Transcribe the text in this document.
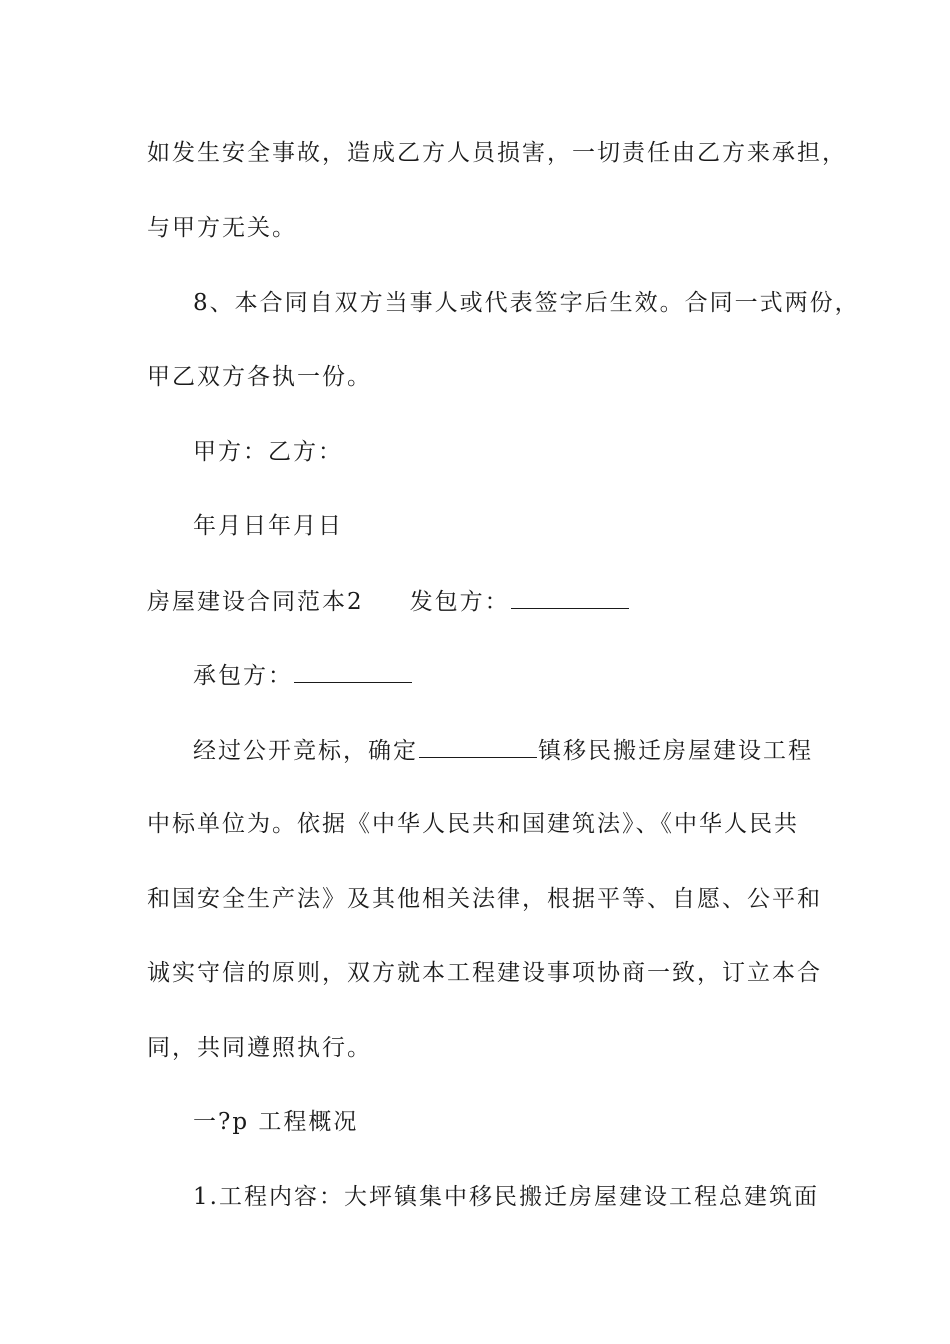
如发生安全事故，造成乙方人员损害，一切责任由乙方来承担，
与甲方无关。
8、本合同自双方当事人或代表签字后生效。合同一式两份，
甲乙双方各执一份。
甲方：乙方：
年月日年月日
房屋建设合同范本2 发包方：
承包方：
经过公开竞标，确定	镇移民搬迁房屋建设工程
中标单位为。依据《中华人民共和国建筑法》、《中华人民共
和国安全生产法》及其他相关法律，根据平等、自愿、公平和
诚实守信的原则，双方就本工程建设事项协商一致，订立本合
同，共同遵照执行。
一?p 工程概况
1.工程内容：大坪镇集中移民搬迁房屋建设工程总建筑面
